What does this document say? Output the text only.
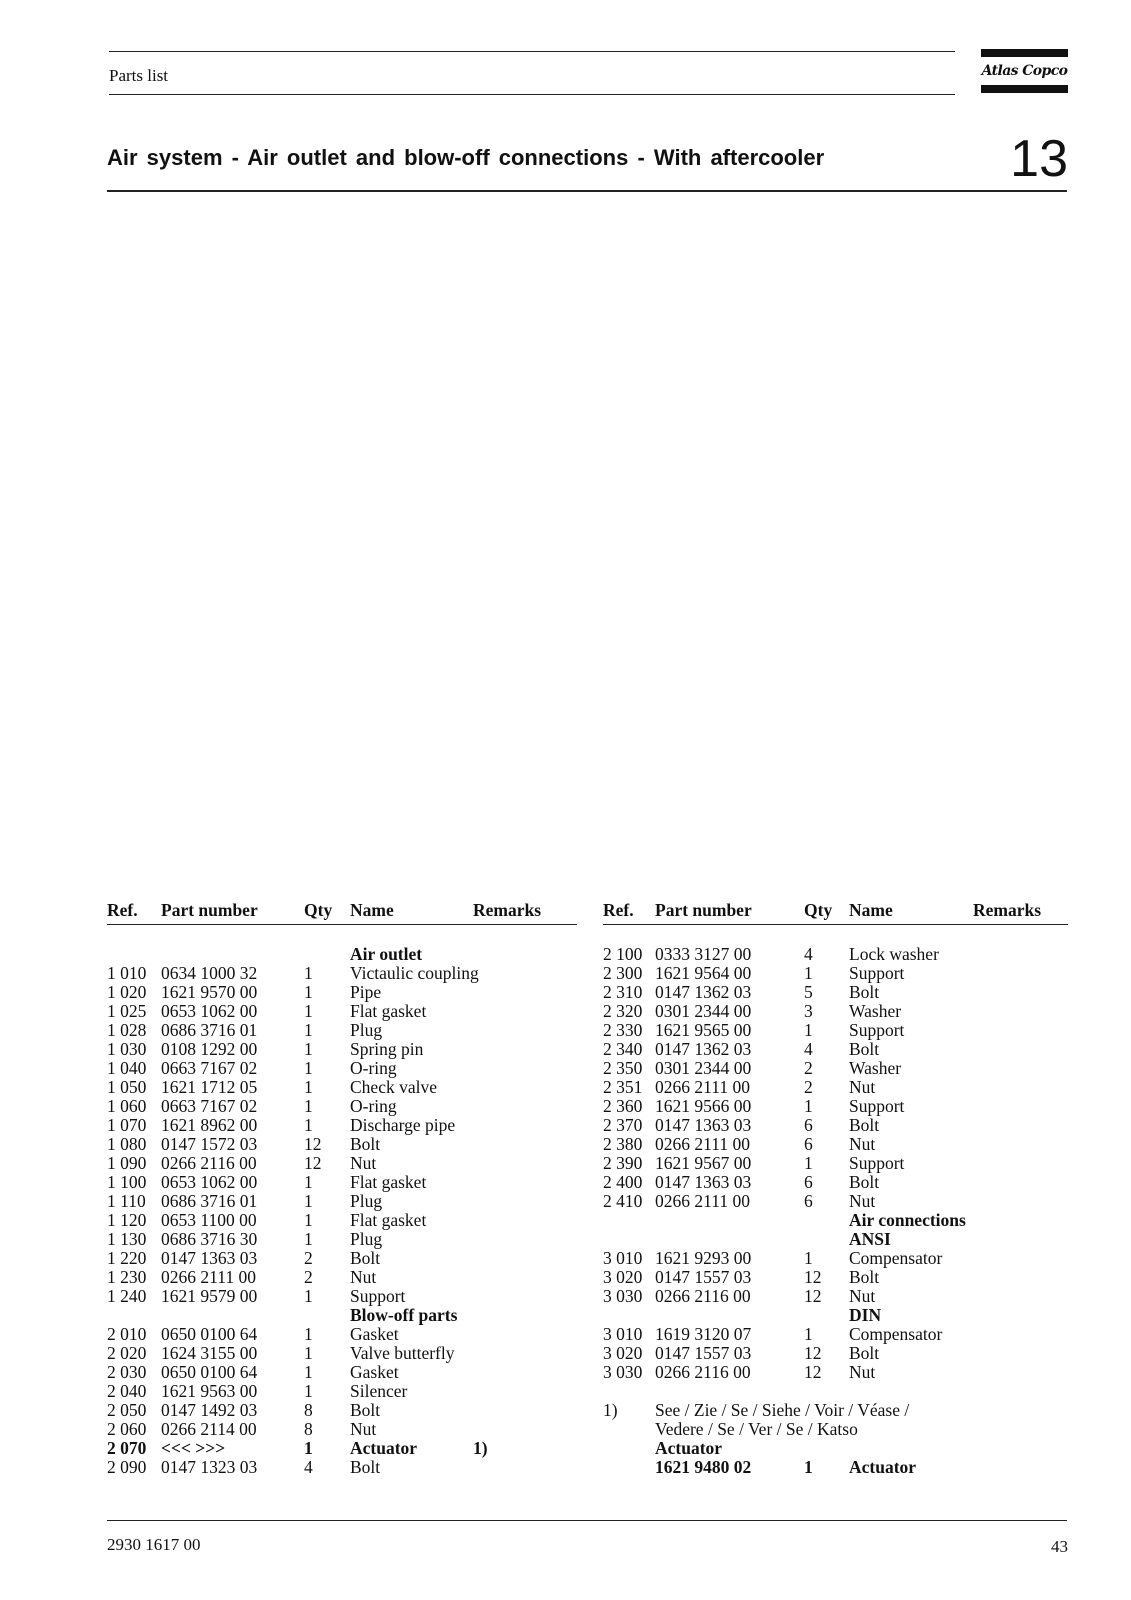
Parts list	Atlas Copco
Air system - Air outlet and blow-off connections - With aftercooler	13
Ref. Part number	Qty Name	Remarks
Air outlet
1 010 0634 1000 32	1 Victaulic coupling
1 020 1621 9570 00	1 Pipe
1 025 0653 1062 00	1 Flat gasket
1 028 0686 3716 01	1 Plug
1 030 0108 1292 00	1 Spring pin
1 040 0663 7167 02	1 O-ring
1 050 1621 1712 05	1 Check valve
1 060 0663 7167 02	1 O-ring
1 070 1621 8962 00	1 Discharge pipe
1 080 0147 1572 03	12 Bolt
1 090 0266 2116 00	12 Nut
1 100 0653 1062 00	1 Flat gasket
1 110 0686 3716 01	1 Plug
1 120 0653 1100 00	1 Flat gasket
1 130 0686 3716 30	1 Plug
1 220 0147 1363 03	2 Bolt
1 230 0266 2111 00	2 Nut
1 240 1621 9579 00	1 Support
Blow-off parts
2 010 0650 0100 64	1 Gasket
2 020 1624 3155 00	1 Valve butterfly
2 030 0650 0100 64	1 Gasket
2 040 1621 9563 00	1 Silencer
2 050 0147 1492 03	8 Bolt
2 060 0266 2114 00	8 Nut
2 070 <<< >>>	1 Actuator	1)
2 090 0147 1323 03	4 Bolt
Ref. Part number	Qty Name	Remarks
2 100 0333 3127 00	4 Lock washer
2 300 1621 9564 00	1 Support
2 310 0147 1362 03	5 Bolt
2 320 0301 2344 00	3 Washer
2 330 1621 9565 00	1 Support
2 340 0147 1362 03	4 Bolt
2 350 0301 2344 00	2 Washer
2 351 0266 2111 00	2 Nut
2 360 1621 9566 00	1 Support
2 370 0147 1363 03	6 Bolt
2 380 0266 2111 00	6 Nut
2 390 1621 9567 00	1 Support
2 400 0147 1363 03	6 Bolt
2 410 0266 2111 00	6 Nut
Air connections
ANSI
3 010 1621 9293 00	1 Compensator
3 020 0147 1557 03	12 Bolt
3 030 0266 2116 00	12 Nut
DIN
3 010 1619 3120 07	1 Compensator
3 020 0147 1557 03	12 Bolt
3 030 0266 2116 00	12 Nut
1) See / Zie / Se / Siehe / Voir / Véase /
Vedere / Se / Ver / Se / Katso
Actuator
1621 9480 02	1 Actuator
2930 1617 00	43
